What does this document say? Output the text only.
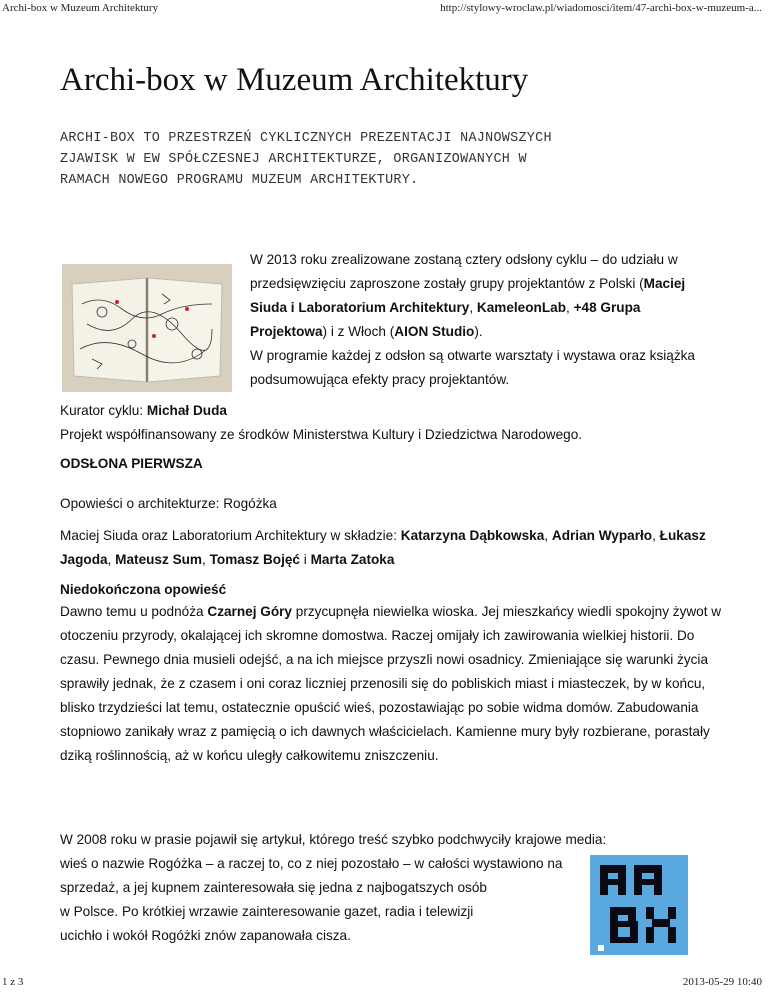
Archi-box w Muzeum Architektury	http://stylowy-wroclaw.pl/wiadomosci/item/47-archi-box-w-muzeum-a...
Archi-box w Muzeum Architektury

ARCHI-BOX TO PRZESTRZEŃ CYKLICZNYCH PREZENTACJI NAJNOWSZYCH
ZJAWISK W EW SPÓŁCZESNEJ ARCHITEKTURZE, ORGANIZOWANYCH W
RAMACH NOWEGO PROGRAMU MUZEUM ARCHITEKTURY.

W 2013 roku zrealizowane zostaną cztery odsłony cyklu – do udziału w przedsięwzięciu zaproszone zostały grupy projektantów z Polski (Maciej Siuda i Laboratorium Architektury, KameleonLab, +48 Grupa Projektowa) i z Włoch (AION Studio).

W programie każdej z odsłon są otwarte warsztaty i wystawa oraz książka podsumowująca efekty pracy projektantów.

Kurator cyklu: Michał Duda

Projekt współfinansowany ze środków Ministerstwa Kultury i Dziedzictwa Narodowego.

ODSŁONA PIERWSZA

Opowieści o architekturze: Rogóżka

Maciej Siuda oraz Laboratorium Architektury w składzie: Katarzyna Dąbkowska, Adrian Wyparło, Łukasz Jagoda, Mateusz Sum, Tomasz Bojęć i Marta Zatoka

Niedokończona opowieść

Dawno temu u podnóża Czarnej Góry przycupnęła niewielka wioska. Jej mieszkańcy wiedli spokojny żywot w otoczeniu przyrody, okalającej ich skromne domostwa. Raczej omijały ich zawirowania wielkiej historii. Do czasu. Pewnego dnia musieli odejść, a na ich miejsce przyszli nowi osadnicy. Zmieniające się warunki życia sprawiły jednak, że z czasem i oni coraz liczniej przenosili się do pobliskich miast i miasteczek, by w końcu, blisko trzydzieści lat temu, ostatecznie opuścić wieś, pozostawiając po sobie widma domów. Zabudowania stopniowo zanikały wraz z pamięcią o ich dawnych właścicielach. Kamienne mury były rozbierane, porastały dziką roślinnością, aż w końcu uległy całkowitemu zniszczeniu.

W 2008 roku w prasie pojawił się artykuł, którego treść szybko podchwyciły krajowe media:
wieś o nazwie Rogóżka – a raczej to, co z niej pozostało – w całości wystawiono na
sprzedaż, a jej kupnem zainteresowała się jedna z najbogatszych osób
w Polsce. Po krótkiej wrzawie zainteresowanie gazet, radia i telewizji
ucichło i wokół Rogóżki znów zapanowała cisza.

1 z 3	2013-05-29 10:40
